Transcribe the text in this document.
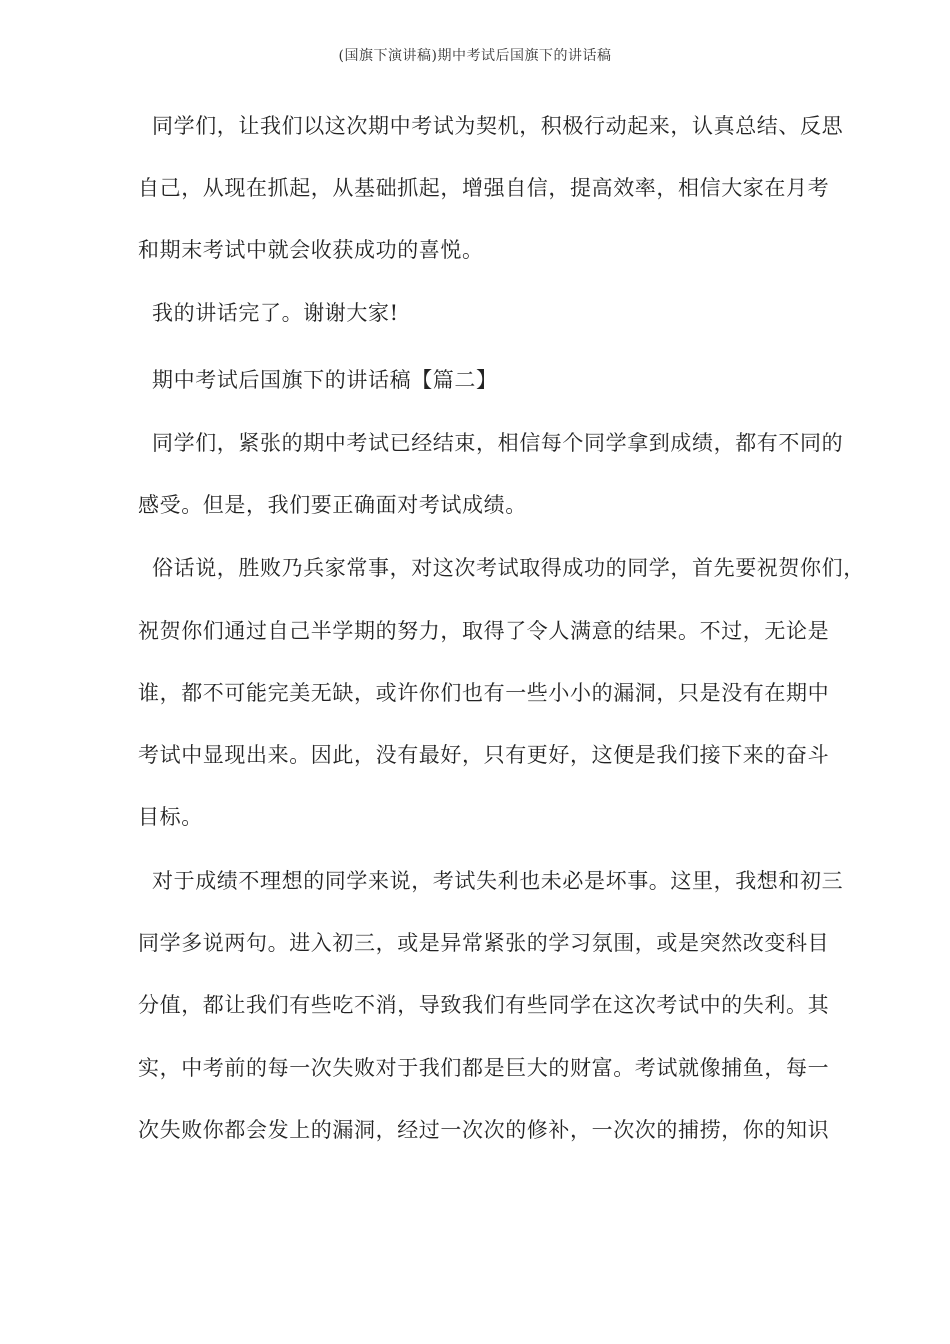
(国旗下演讲稿)期中考试后国旗下的讲话稿
同学们，让我们以这次期中考试为契机，积极行动起来，认真总结、反思
自己，从现在抓起，从基础抓起，增强自信，提高效率，相信大家在月考
和期末考试中就会收获成功的喜悦。
我的讲话完了。谢谢大家!
期中考试后国旗下的讲话稿【篇二】
同学们，紧张的期中考试已经结束，相信每个同学拿到成绩，都有不同的
感受。但是，我们要正确面对考试成绩。
俗话说，胜败乃兵家常事，对这次考试取得成功的同学，首先要祝贺你们，
祝贺你们通过自己半学期的努力，取得了令人满意的结果。不过，无论是
谁，都不可能完美无缺，或许你们也有一些小小的漏洞，只是没有在期中
考试中显现出来。因此，没有最好，只有更好，这便是我们接下来的奋斗
目标。
对于成绩不理想的同学来说，考试失利也未必是坏事。这里，我想和初三
同学多说两句。进入初三，或是异常紧张的学习氛围，或是突然改变科目
分值，都让我们有些吃不消，导致我们有些同学在这次考试中的失利。其
实，中考前的每一次失败对于我们都是巨大的财富。考试就像捕鱼，每一
次失败你都会发上的漏洞，经过一次次的修补，一次次的捕捞，你的知识
